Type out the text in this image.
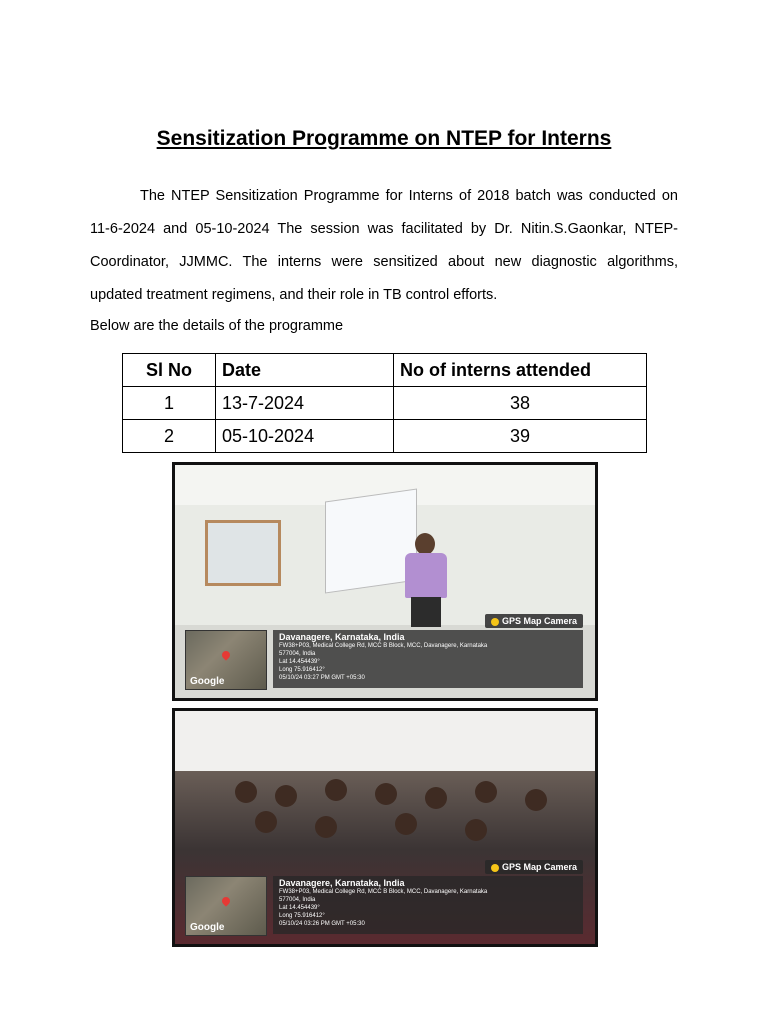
Sensitization Programme on NTEP for Interns
The NTEP Sensitization Programme for Interns of 2018 batch was conducted on 11-6-2024 and 05-10-2024 The session was facilitated by Dr. Nitin.S.Gaonkar, NTEP-Coordinator, JJMMC. The interns were sensitized about new diagnostic algorithms, updated treatment regimens, and their role in TB control efforts.
Below are the details of the programme
Sl No	Date	No of interns attended
1	13-7-2024	38
2	05-10-2024	39
GPS Map Camera
Google
Davanagere, Karnataka, India
FW38+P03, Medical College Rd, MCC B Block, MCC, Davanagere, Karnataka
577004, India
Lat 14.454439°
Long 75.916412°
05/10/24 03:27 PM GMT +05:30
GPS Map Camera
Google
Davanagere, Karnataka, India
FW38+P03, Medical College Rd, MCC B Block, MCC, Davanagere, Karnataka
577004, India
Lat 14.454439°
Long 75.916412°
05/10/24 03:26 PM GMT +05:30
